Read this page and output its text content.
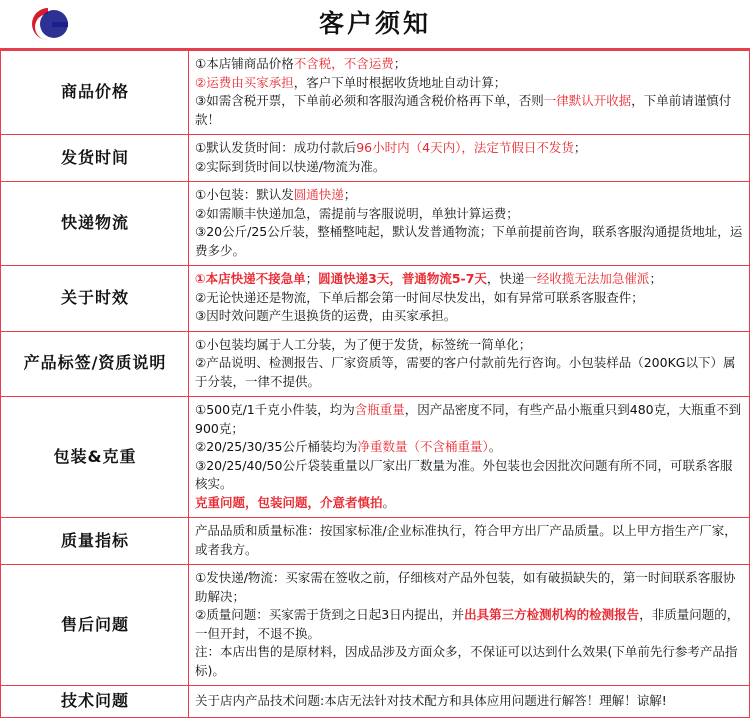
客户须知
商品价格	①本店铺商品价格不含税，不含运费；

②运费由买家承担，客户下单时根据收货地址自动计算；

③如需含税开票，下单前必须和客服沟通含税价格再下单，否则一律默认开收据，下单前请谨慎付款！

发货时间	①默认发货时间：成功付款后96小时内（4天内），法定节假日不发货；

②实际到货时间以快递/物流为准。

快递物流	①小包装：默认发圆通快递；

②如需顺丰快递加急，需提前与客服说明，单独计算运费；

③20公斤/25公斤装，整桶整吨起，默认发普通物流；下单前提前咨询，联系客服沟通提货地址，运费多少。

关于时效	①本店快递不接急单；圆通快递3天，普通物流5-7天，快递一经收揽无法加急催派；

②无论快递还是物流，下单后都会第一时间尽快发出，如有异常可联系客服查件；

③因时效问题产生退换货的运费，由买家承担。

产品标签/资质说明	①小包装均属于人工分装，为了便于发货，标签统一简单化；

②产品说明、检测报告、厂家资质等，需要的客户付款前先行咨询。小包装样品（200KG以下）属于分装，一律不提供。

包装&克重	①500克/1千克小件装，均为含瓶重量，因产品密度不同，有些产品小瓶重只到480克，大瓶重不到900克；

②20/25/30/35公斤桶装均为净重数量（不含桶重量）。

③20/25/40/50公斤袋装重量以厂家出厂数量为准。外包装也会因批次问题有所不同，可联系客服核实。

克重问题，包装问题，介意者慎拍。

质量指标	产品品质和质量标准：按国家标准/企业标准执行，符合甲方出厂产品质量。以上甲方指生产厂家，或者我方。

售后问题	①发快递/物流：买家需在签收之前，仔细核对产品外包装，如有破损缺失的，第一时间联系客服协助解决；

②质量问题：买家需于货到之日起3日内提出，并出具第三方检测机构的检测报告，非质量问题的，一但开封，不退不换。

注：本店出售的是原材料，因成品涉及方面众多，不保证可以达到什么效果(下单前先行参考产品指标)。

技术问题	关于店内产品技术问题:本店无法针对技术配方和具体应用问题进行解答！理解！谅解!
